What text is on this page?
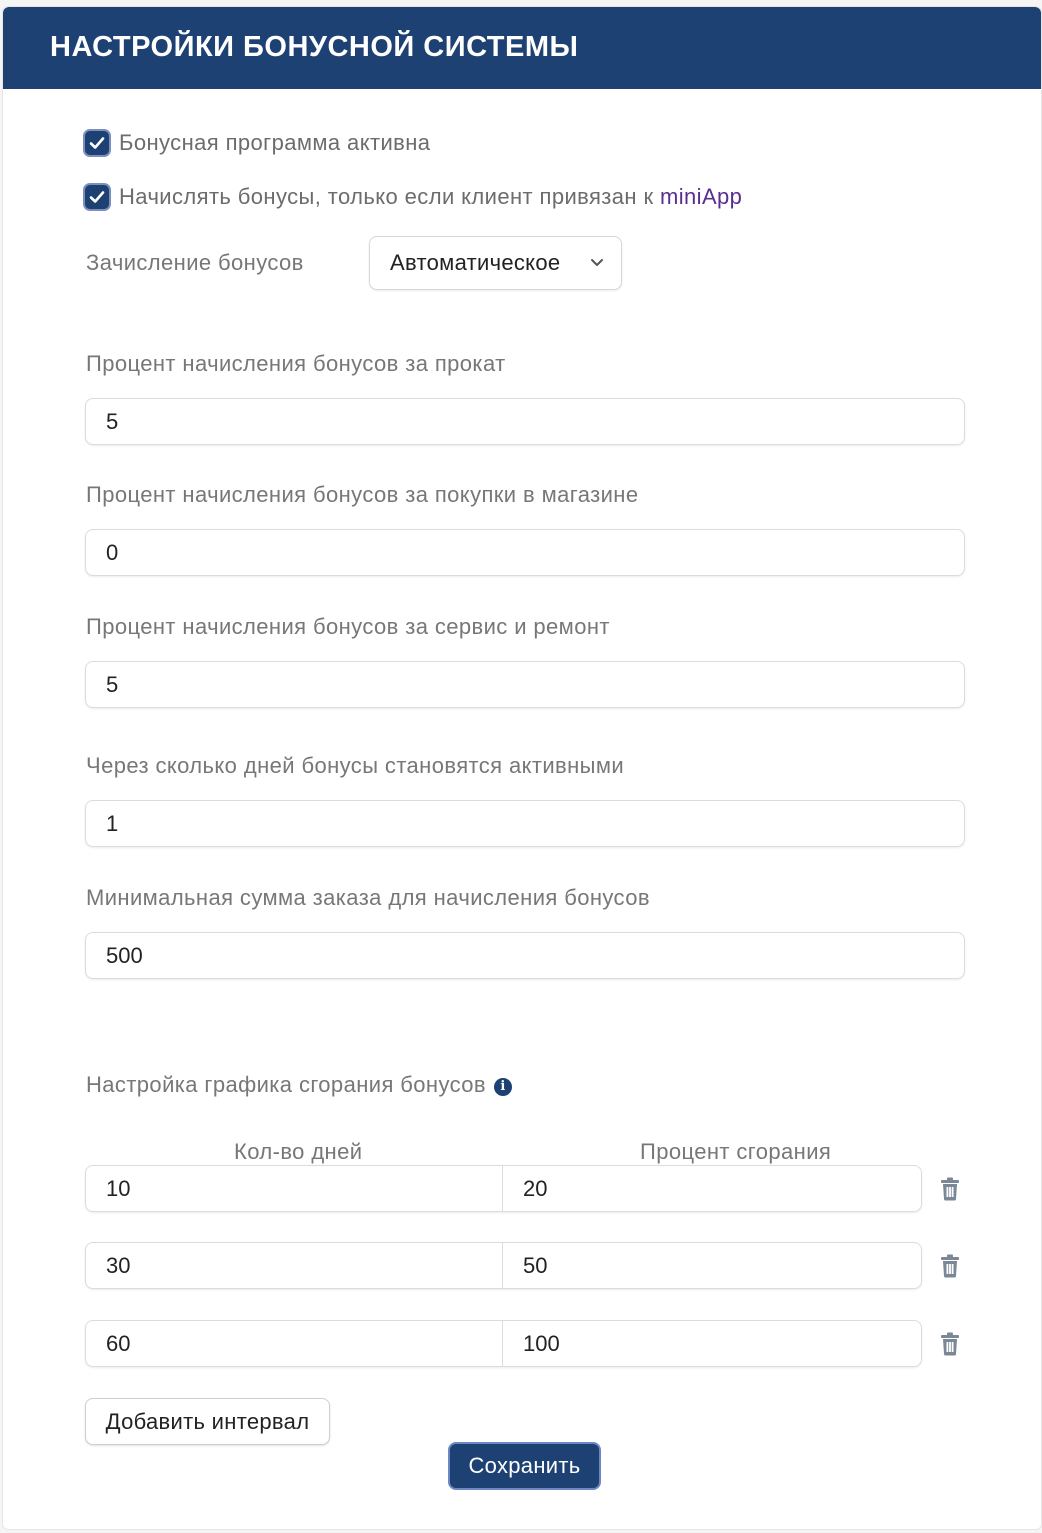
НАСТРОЙКИ БОНУСНОЙ СИСТЕМЫ
Бонусная программа активна
Начислять бонусы, только если клиент привязан к miniApp
Зачисление бонусов	Автоматическое
Процент начисления бонусов за прокат
5
Процент начисления бонусов за покупки в магазине
0
Процент начисления бонусов за сервис и ремонт
5
Через сколько дней бонусы становятся активными
1
Минимальная сумма заказа для начисления бонусов
500
Настройка графика сгорания бонусов i
Кол-во дней	Процент сгорания
10	20
30	50
60	100
Добавить интервал
Сохранить
